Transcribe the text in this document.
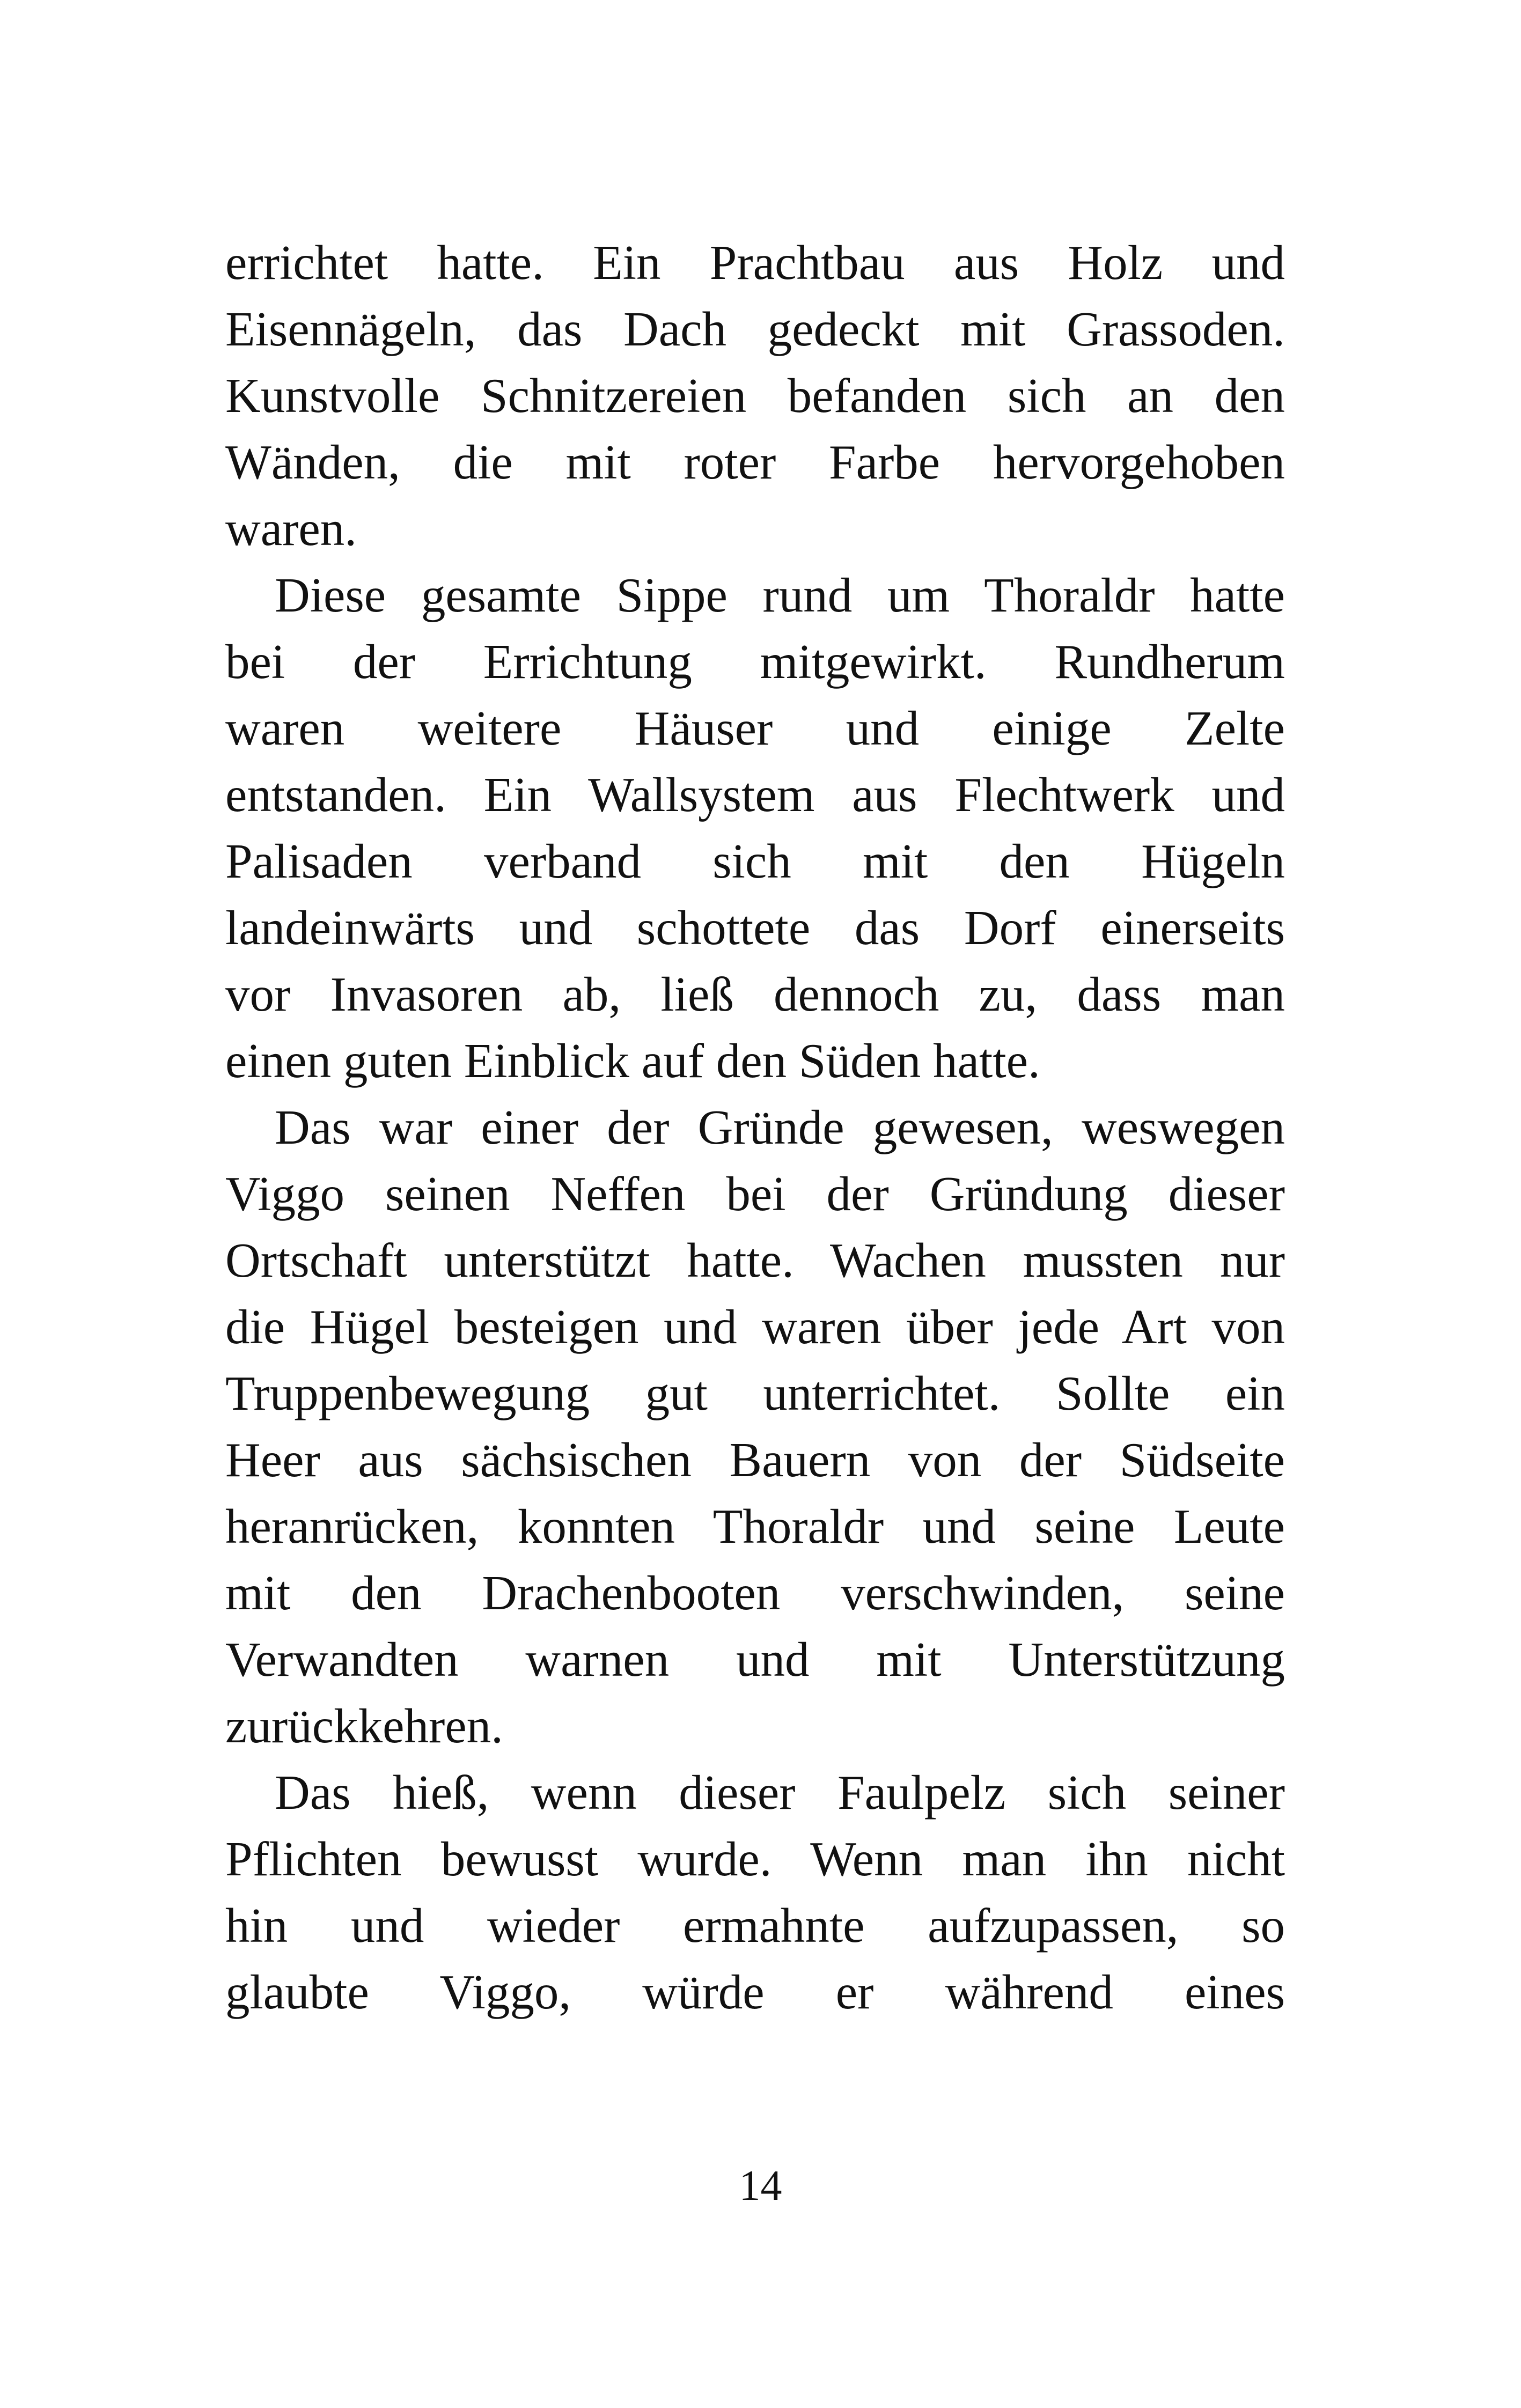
errichtet hatte. Ein Prachtbau aus Holz und
Eisennägeln, das Dach gedeckt mit Grassoden.
Kunstvolle Schnitzereien befanden sich an den
Wänden, die mit roter Farbe hervorgehoben
waren.
Diese gesamte Sippe rund um Thoraldr hatte
bei der Errichtung mitgewirkt. Rundherum
waren weitere Häuser und einige Zelte
entstanden. Ein Wallsystem aus Flechtwerk und
Palisaden verband sich mit den Hügeln
landeinwärts und schottete das Dorf einerseits
vor Invasoren ab, ließ dennoch zu, dass man
einen guten Einblick auf den Süden hatte.
Das war einer der Gründe gewesen, weswegen
Viggo seinen Neffen bei der Gründung dieser
Ortschaft unterstützt hatte. Wachen mussten nur
die Hügel besteigen und waren über jede Art von
Truppenbewegung gut unterrichtet. Sollte ein
Heer aus sächsischen Bauern von der Südseite
heranrücken, konnten Thoraldr und seine Leute
mit den Drachenbooten verschwinden, seine
Verwandten warnen und mit Unterstützung
zurückkehren.
Das hieß, wenn dieser Faulpelz sich seiner
Pflichten bewusst wurde. Wenn man ihn nicht
hin und wieder ermahnte aufzupassen, so
glaubte Viggo, würde er während eines
14
